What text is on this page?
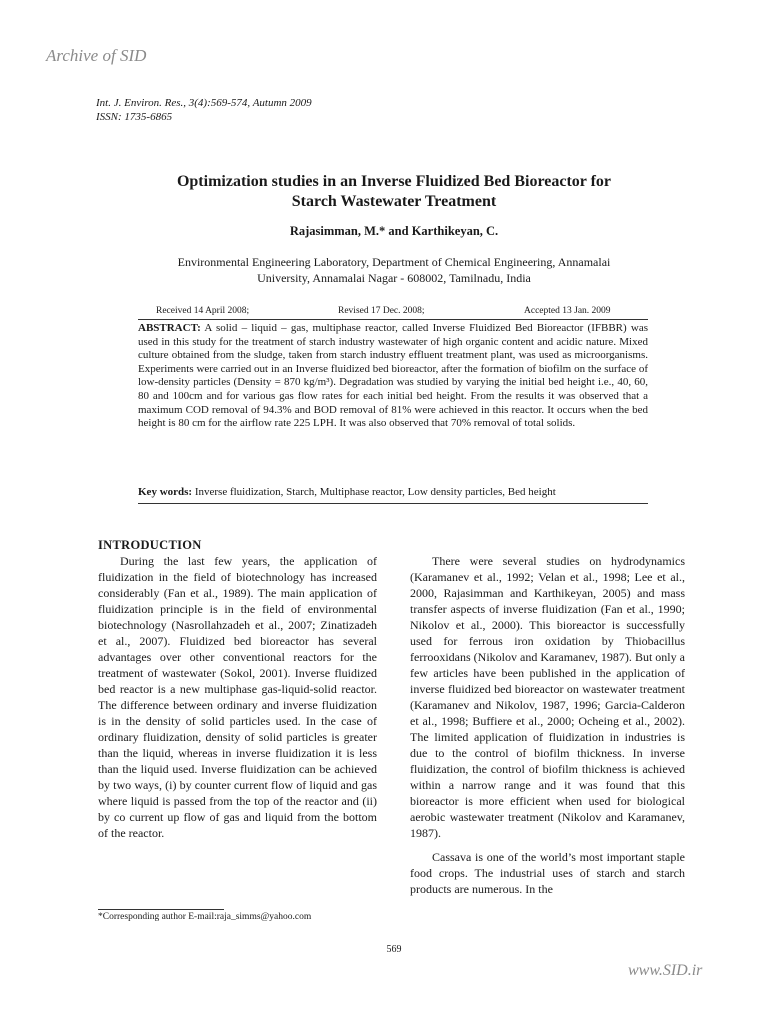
Archive of SID
Int. J. Environ. Res., 3(4):569-574, Autumn 2009
ISSN: 1735-6865
Optimization studies in an Inverse Fluidized Bed Bioreactor for
Starch Wastewater Treatment
Rajasimman, M.* and Karthikeyan, C.
Environmental Engineering Laboratory, Department of Chemical Engineering, Annamalai
University, Annamalai Nagar - 608002, Tamilnadu, India
Received 14 April 2008;	Revised 17 Dec. 2008;	Accepted 13 Jan. 2009
ABSTRACT: A solid – liquid – gas, multiphase reactor, called Inverse Fluidized Bed Bioreactor (IFBBR) was used in this study for the treatment of starch industry wastewater of high organic content and acidic nature. Mixed culture obtained from the sludge, taken from starch industry effluent treatment plant, was used as microorganisms. Experiments were carried out in an Inverse fluidized bed bioreactor, after the formation of biofilm on the surface of low-density particles (Density = 870 kg/m³). Degradation was studied by varying the initial bed height i.e., 40, 60, 80 and 100cm and for various gas flow rates for each initial bed height. From the results it was observed that a maximum COD removal of 94.3% and BOD removal of 81% were achieved in this reactor. It occurs when the bed height is 80 cm for the airflow rate 225 LPH. It was also observed that 70% removal of total solids.
Key words: Inverse fluidization, Starch, Multiphase reactor, Low density particles, Bed height
INTRODUCTION

During the last few years, the application of fluidization in the field of biotechnology has increased considerably (Fan et al., 1989). The main application of fluidization principle is in the field of environmental biotechnology (Nasrollahzadeh et al., 2007; Zinatizadeh et al., 2007). Fluidized bed bioreactor has several advantages over other conventional reactors for the treatment of wastewater (Sokol, 2001). Inverse fluidized bed reactor is a new multiphase gas-liquid-solid reactor. The difference between ordinary and inverse fluidization is in the density of solid particles used. In the case of ordinary fluidization, density of solid particles is greater than the liquid, whereas in inverse fluidization it is less than the liquid used. Inverse fluidization can be achieved by two ways, (i) by counter current flow of liquid and gas where liquid is passed from the top of the reactor and (ii) by co current up flow of gas and liquid from the bottom of the reactor.

There were several studies on hydrodynamics (Karamanev et al., 1992; Velan et al., 1998; Lee et al., 2000, Rajasimman and Karthikeyan, 2005) and mass transfer aspects of inverse fluidization (Fan et al., 1990; Nikolov et al., 2000). This bioreactor is successfully used for ferrous iron oxidation by Thiobacillus ferrooxidans (Nikolov and Karamanev, 1987). But only a few articles have been published in the application of inverse fluidized bed bioreactor on wastewater treatment (Karamanev and Nikolov, 1987, 1996; Garcia-Calderon et al., 1998; Buffiere et al., 2000; Ocheing et al., 2002). The limited application of fluidization in industries is due to the control of biofilm thickness. In inverse fluidization, the control of biofilm thickness is achieved within a narrow range and it was found that this bioreactor is more efficient when used for biological aerobic wastewater treatment (Nikolov and Karamanev, 1987).

Cassava is one of the world’s most important staple food crops. The industrial uses of starch and starch products are numerous. In the

*Corresponding author E-mail:raja_simms@yahoo.com
569
www.SID.ir
